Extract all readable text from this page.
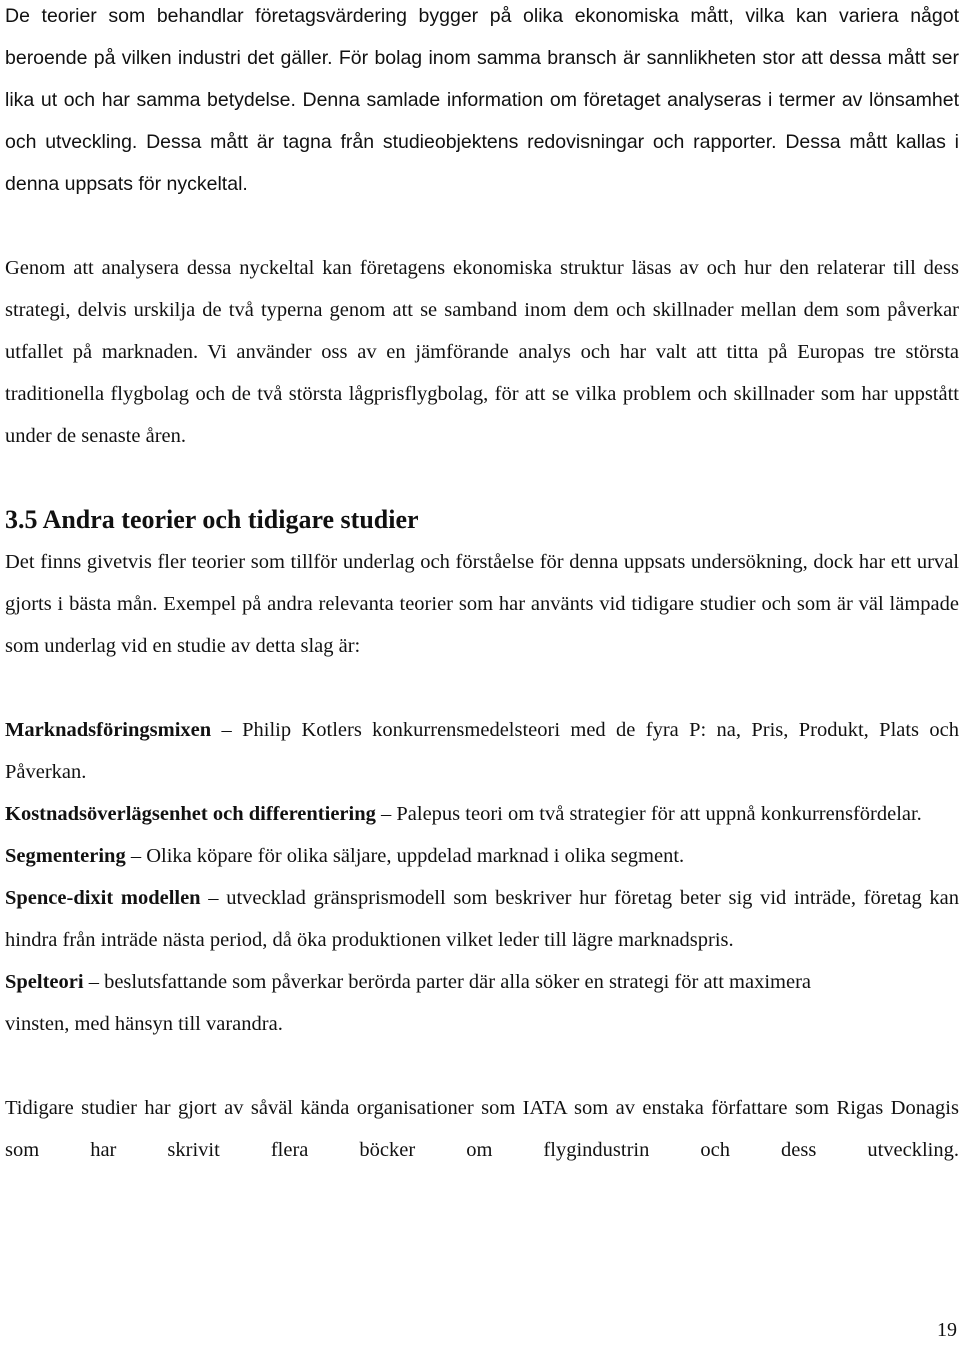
De teorier som behandlar företagsvärdering bygger på olika ekonomiska mått, vilka kan variera något beroende på vilken industri det gäller. För bolag inom samma bransch är sannlikheten stor att dessa mått ser lika ut och har samma betydelse. Denna samlade information om företaget analyseras i termer av lönsamhet och utveckling. Dessa mått är tagna från studieobjektens redovisningar och rapporter. Dessa mått kallas i denna uppsats för nyckeltal.

Genom att analysera dessa nyckeltal kan företagens ekonomiska struktur läsas av och hur den relaterar till dess strategi, delvis urskilja de två typerna genom att se samband inom dem och skillnader mellan dem som påverkar utfallet på marknaden. Vi använder oss av en jämförande analys och har valt att titta på Europas tre största traditionella flygbolag och de två största lågprisflygbolag, för att se vilka problem och skillnader som har uppstått under de senaste åren.

3.5 Andra teorier och tidigare studier

Det finns givetvis fler teorier som tillför underlag och förståelse för denna uppsats undersökning, dock har ett urval gjorts i bästa mån. Exempel på andra relevanta teorier som har använts vid tidigare studier och som är väl lämpade som underlag vid en studie av detta slag är:

Marknadsföringsmixen – Philip Kotlers konkurrensmedelsteori med de fyra P: na, Pris, Produkt, Plats och Påverkan.

Kostnadsöverlägsenhet och differentiering – Palepus teori om två strategier för att uppnå konkurrensfördelar.

Segmentering – Olika köpare för olika säljare, uppdelad marknad i olika segment.

Spence-dixit modellen – utvecklad gränsprismodell som beskriver hur företag beter sig vid inträde, företag kan hindra från inträde nästa period, då öka produktionen vilket leder till lägre marknadspris.

Spelteori – beslutsfattande som påverkar berörda parter där alla söker en strategi för att maximera vinsten, med hänsyn till varandra.

Tidigare studier har gjort av såväl kända organisationer som IATA som av enstaka författare som Rigas Donagis som har skrivit flera böcker om flygindustrin och dess utveckling.

19
